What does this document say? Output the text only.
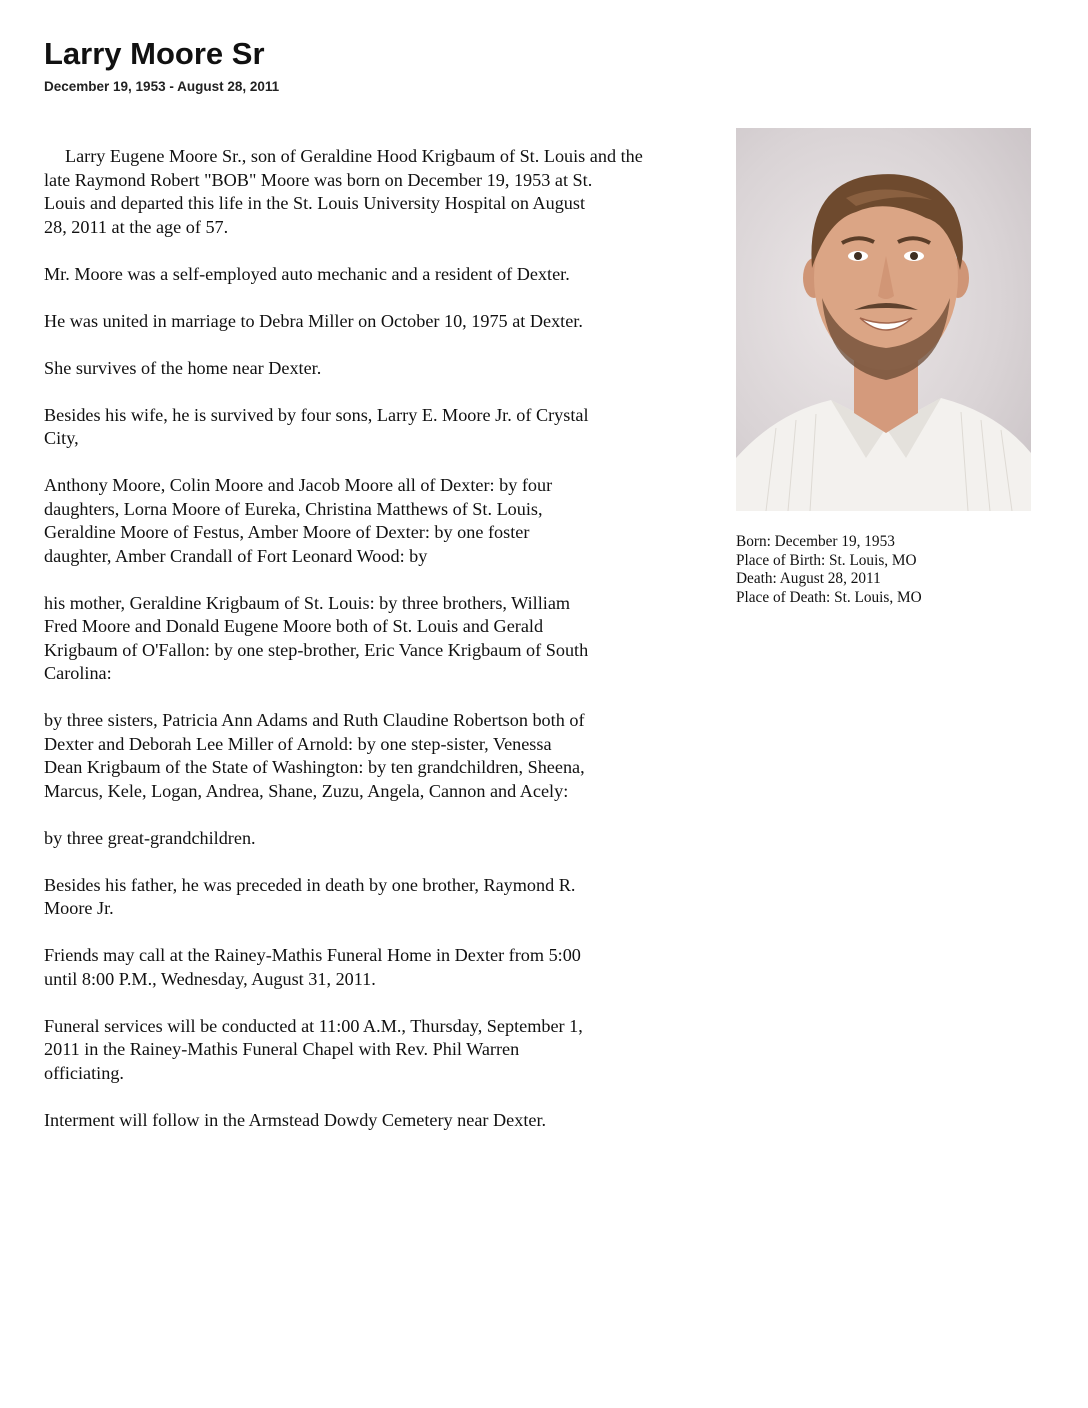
Larry Moore Sr
December 19, 1953 - August 28, 2011

Larry Eugene Moore Sr., son of Geraldine Hood Krigbaum of St. Louis and the
late Raymond Robert "BOB" Moore was born on December 19, 1953 at St.
Louis and departed this life in the St. Louis University Hospital on August
28, 2011 at the age of 57.

Mr. Moore was a self-employed auto mechanic and a resident of Dexter.

He was united in marriage to Debra Miller on October 10, 1975 at Dexter.

She survives of the home near Dexter.

Besides his wife, he is survived by four sons, Larry E. Moore Jr. of Crystal
City,

Anthony Moore, Colin Moore and Jacob Moore all of Dexter: by four
daughters, Lorna Moore of Eureka, Christina Matthews of St. Louis,
Geraldine Moore of Festus, Amber Moore of Dexter: by one foster
daughter, Amber Crandall of Fort Leonard Wood: by

his mother, Geraldine Krigbaum of St. Louis: by three brothers, William
Fred Moore and Donald Eugene Moore both of St. Louis and Gerald
Krigbaum of O'Fallon: by one step-brother, Eric Vance Krigbaum of South
Carolina:

by three sisters, Patricia Ann Adams and Ruth Claudine Robertson both of
Dexter and Deborah Lee Miller of Arnold: by one step-sister, Venessa
Dean Krigbaum of the State of Washington: by ten grandchildren, Sheena,
Marcus, Kele, Logan, Andrea, Shane, Zuzu, Angela, Cannon and Acely:

by three great-grandchildren.

Besides his father, he was preceded in death by one brother, Raymond R.
Moore Jr.

Friends may call at the Rainey-Mathis Funeral Home in Dexter from 5:00
until 8:00 P.M., Wednesday, August 31, 2011.

Funeral services will be conducted at 11:00 A.M., Thursday, September 1,
2011 in the Rainey-Mathis Funeral Chapel with Rev. Phil Warren
officiating.

Interment will follow in the Armstead Dowdy Cemetery near Dexter.

Born: December 19, 1953
Place of Birth: St. Louis, MO
Death: August 28, 2011
Place of Death: St. Louis, MO
